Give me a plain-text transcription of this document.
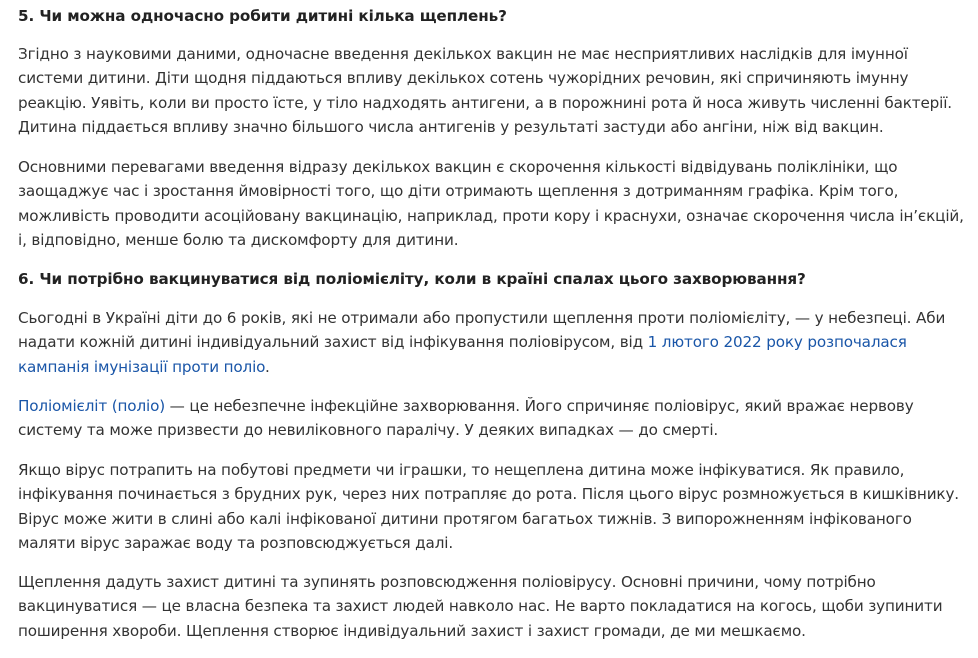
5. Чи можна одночасно робити дитині кілька щеплень?

Згідно з науковими даними, одночасне введення декількох вакцин не має несприятливих наслідків для імунної системи дитини. Діти щодня піддаються впливу декількох сотень чужорідних речовин, які спричиняють імунну реакцію. Уявіть, коли ви просто їсте, у тіло надходять антигени, а в порожнині рота й носа живуть численні бактерії. Дитина піддається впливу значно більшого числа антигенів у результаті застуди або ангіни, ніж від вакцин.

Основними перевагами введення відразу декількох вакцин є скорочення кількості відвідувань поліклініки, що заощаджує час і зростання ймовірності того, що діти отримають щеплення з дотриманням графіка. Крім того, можливість проводити асоційовану вакцинацію, наприклад, проти кору і краснухи, означає скорочення числа ін’єкцій, і, відповідно, менше болю та дискомфорту для дитини.

6. Чи потрібно вакцинуватися від поліомієліту, коли в країні спалах цього захворювання?

Сьогодні в Україні діти до 6 років, які не отримали або пропустили щеплення проти поліомієліту, — у небезпеці. Аби надати кожній дитині індивідуальний захист від інфікування поліовірусом, від 1 лютого 2022 року розпочалася кампанія імунізації проти полio.

Поліомієліт (поліо) — це небезпечне інфекційне захворювання. Його спричиняє поліовірус, який вражає нервову систему та може призвести до невиліковного паралічу. У деяких випадках — до смерті.

Якщо вірус потрапить на побутові предмети чи іграшки, то нещеплена дитина може інфікуватися. Як правило, інфікування починається з брудних рук, через них потрапляє до рота. Після цього вірус розмножується в кишківнику. Вірус може жити в слині або калі інфікованої дитини протягом багатьох тижнів. З випорожненням інфікованого маляти вірус заражає воду та розповсюджується далі.

Щеплення дадуть захист дитині та зупинять розповсюдження поліовірусу. Основні причини, чому потрібно вакцинуватися — це власна безпека та захист людей навколо нас. Не варто покладатися на когось, щоби зупинити поширення хвороби. Щеплення створює індивідуальний захист і захист громади, де ми мешкаємо.
